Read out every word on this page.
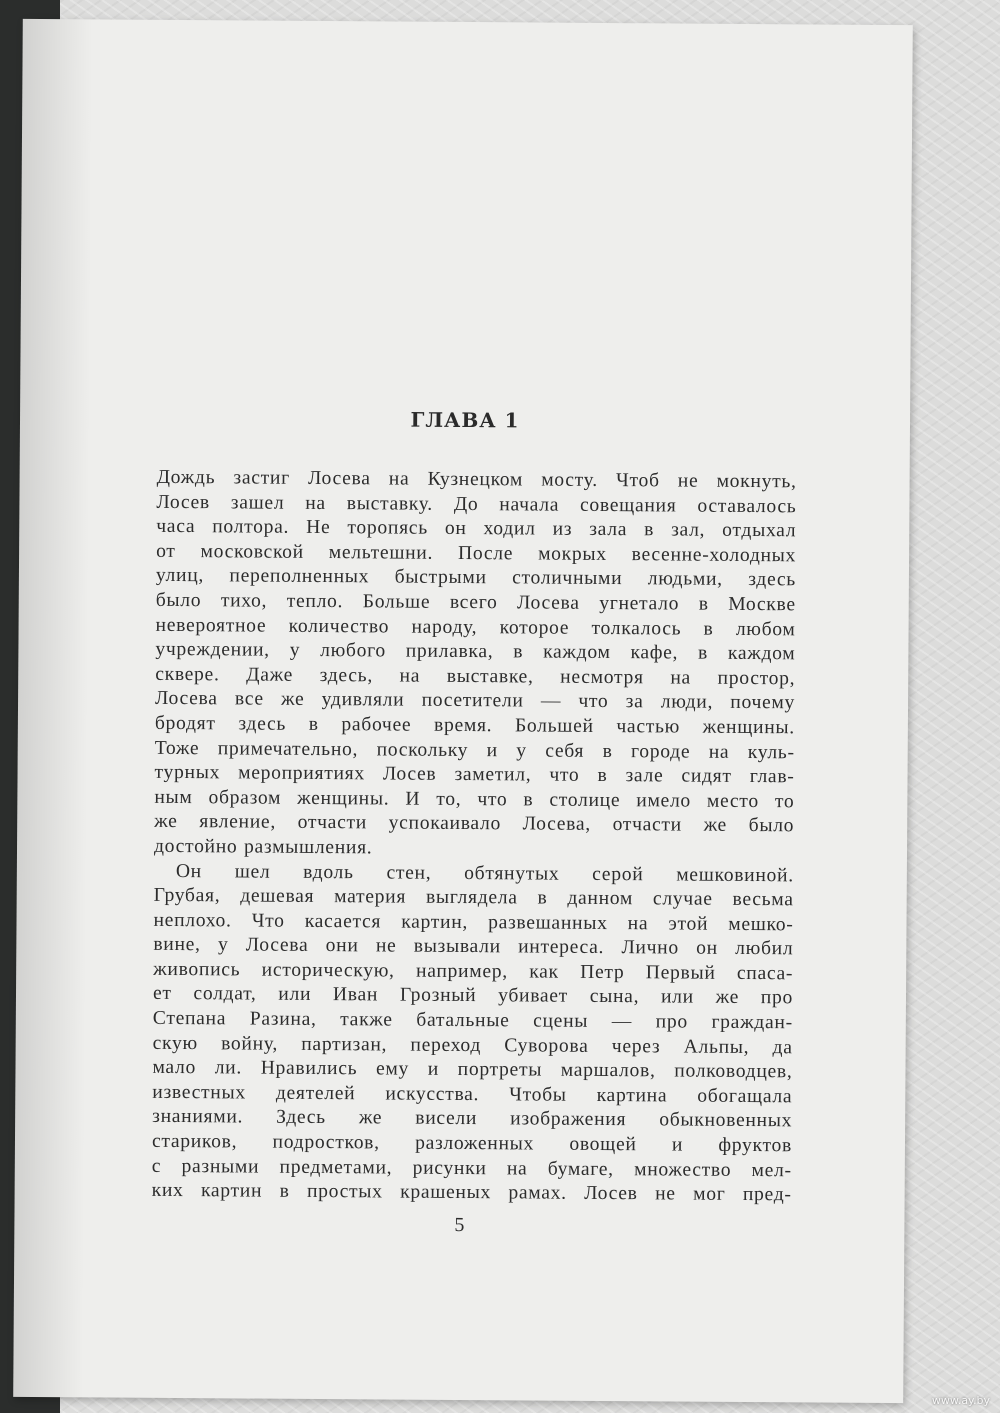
ГЛАВА 1

Дождь застиг Лосева на Кузнецком мосту. Чтоб не мокнуть,

Лосев зашел на выставку. До начала совещания оставалось

часа полтора. Не торопясь он ходил из зала в зал, отдыхал

от московской мельтешни. После мокрых весенне-холодных

улиц, переполненных быстрыми столичными людьми, здесь

было тихо, тепло. Больше всего Лосева угнетало в Москве

невероятное количество народу, которое толкалось в любом

учреждении, у любого прилавка, в каждом кафе, в каждом

сквере. Даже здесь, на выставке, несмотря на простор,

Лосева все же удивляли посетители — что за люди, почему

бродят здесь в рабочее время. Большей частью женщины.

Тоже примечательно, поскольку и у себя в городе на куль-

турных мероприятиях Лосев заметил, что в зале сидят глав-

ным образом женщины. И то, что в столице имело место то

же явление, отчасти успокаивало Лосева, отчасти же было

достойно размышления.

Он шел вдоль стен, обтянутых серой мешковиной.

Грубая, дешевая материя выглядела в данном случае весьма

неплохо. Что касается картин, развешанных на этой мешко-

вине, у Лосева они не вызывали интереса. Лично он любил

живопись историческую, например, как Петр Первый спаса-

ет солдат, или Иван Грозный убивает сына, или же про

Степана Разина, также батальные сцены — про граждан-

скую войну, партизан, переход Суворова через Альпы, да

мало ли. Нравились ему и портреты маршалов, полководцев,

известных деятелей искусства. Чтобы картина обогащала

знаниями. Здесь же висели изображения обыкновенных

стариков, подростков, разложенных овощей и фруктов

с разными предметами, рисунки на бумаге, множество мел-

ких картин в простых крашеных рамах. Лосев не мог пред-

5
www.ay.by
